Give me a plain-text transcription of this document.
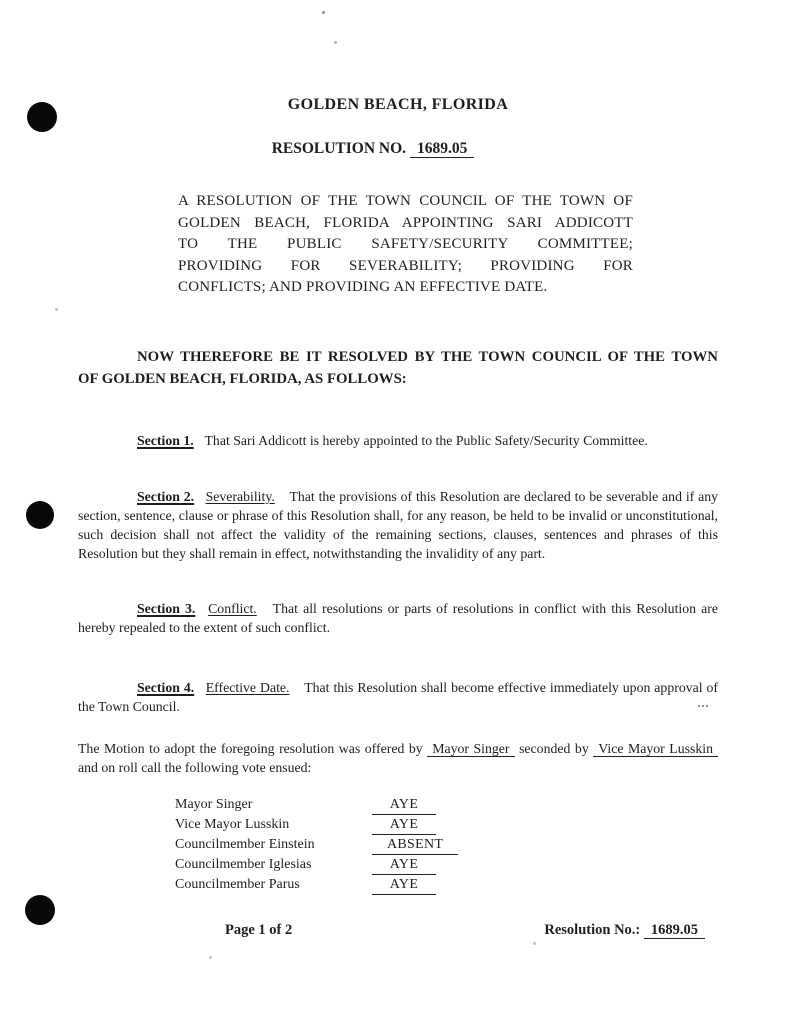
GOLDEN BEACH, FLORIDA
RESOLUTION NO. 1689.05
A RESOLUTION OF THE TOWN COUNCIL OF THE TOWN OF
GOLDEN BEACH, FLORIDA APPOINTING SARI ADDICOTT
TO THE PUBLIC SAFETY/SECURITY COMMITTEE;
PROVIDING FOR SEVERABILITY; PROVIDING FOR
CONFLICTS; AND PROVIDING AN EFFECTIVE DATE.
NOW THEREFORE BE IT RESOLVED BY THE TOWN COUNCIL OF THE TOWN
OF GOLDEN BEACH, FLORIDA, AS FOLLOWS:

Section 1. That Sari Addicott is hereby appointed to the Public Safety/Security Committee.

Section 2. Severability. That the provisions of this Resolution are declared to be severable and if any section, sentence, clause or phrase of this Resolution shall, for any reason, be held to be invalid or unconstitutional, such decision shall not affect the validity of the remaining sections, clauses, sentences and phrases of this Resolution but they shall remain in effect, notwithstanding the invalidity of any part.

Section 3. Conflict. That all resolutions or parts of resolutions in conflict with this Resolution are hereby repealed to the extent of such conflict.

Section 4. Effective Date. That this Resolution shall become effective immediately upon approval of the Town Council.

The Motion to adopt the foregoing resolution was offered by Mayor Singer seconded by Vice Mayor Lusskin and on roll call the following vote ensued:

Mayor Singer	AYE
Vice Mayor Lusskin	AYE
Councilmember Einstein	ABSENT
Councilmember Iglesias	AYE
Councilmember Parus	AYE
Page 1 of 2	Resolution No.: 1689.05
